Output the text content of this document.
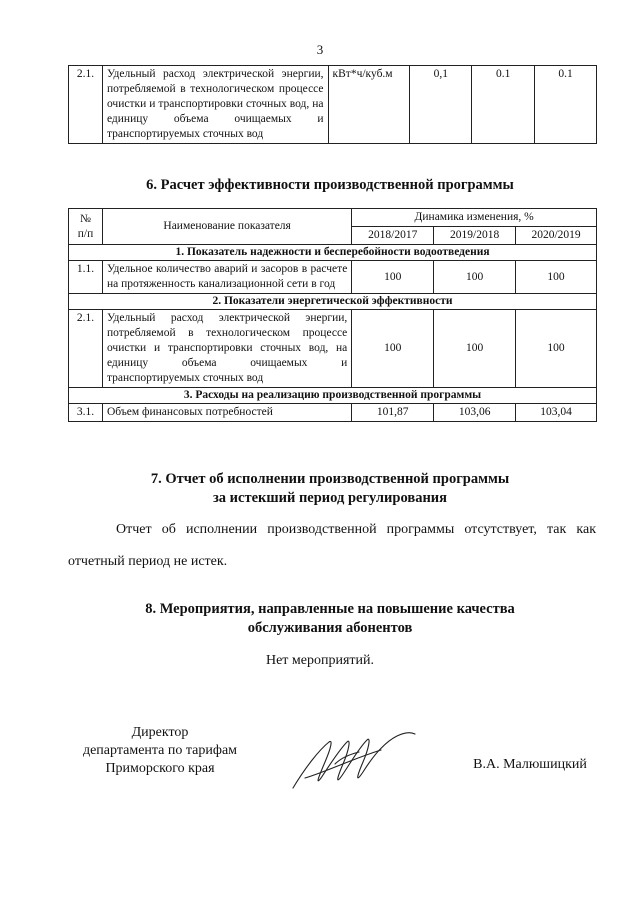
3
2.1.	Удельный расход электрической энергии, потребляемой в технологическом процессе очистки и транспортировки сточных вод, на единицу объема очищаемых и транспортируемых сточных вод	кВт*ч/куб.м	0,1	0.1	0.1
6. Расчет эффективности производственной программы
№
п/п	Наименование показателя	Динамика изменения, %		
		2018/2017	2019/2018	2020/2019
1. Показатель надежности и бесперебойности водоотведения				
1.1.	Удельное количество аварий и засоров в расчете на протяженность канализационной сети в год	100	100	100
2. Показатели энергетической эффективности				
2.1.	Удельный расход электрической энергии, потребляемой в технологическом процессе очистки и транспортировки сточных вод, на единицу объема очищаемых и транспортируемых сточных вод	100	100	100
3. Расходы на реализацию производственной программы				
3.1.	Объем финансовых потребностей	101,87	103,06	103,04
7. Отчет об исполнении производственной программы
за истекший период регулирования
Отчет об исполнении производственной программы отсутствует, так как отчетный период не истек.
8. Мероприятия, направленные на повышение качества
обслуживания абонентов
Нет мероприятий.
Директор
департамента по тарифам
Приморского края	В.А. Малюшицкий
